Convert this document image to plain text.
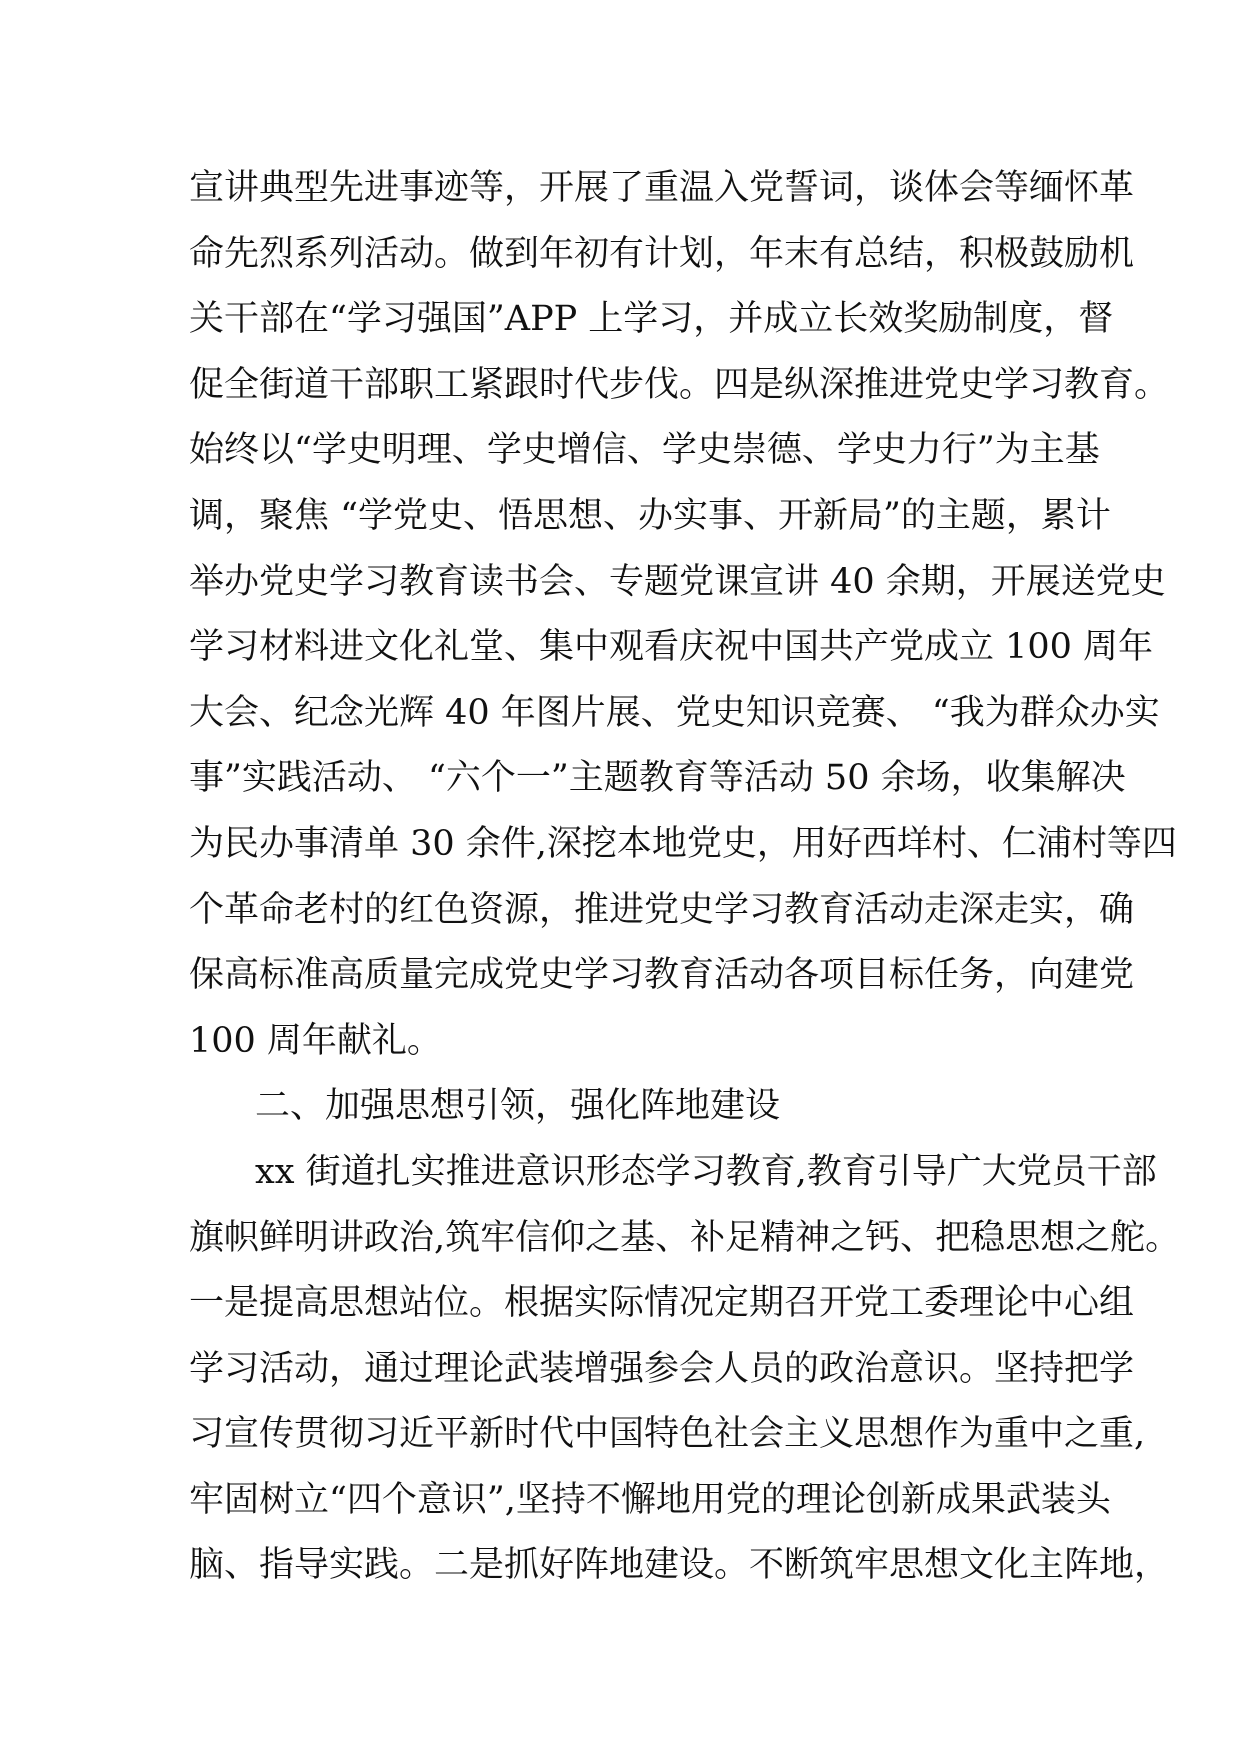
宣讲典型先进事迹等，开展了重温入党誓词，谈体会等缅怀革
命先烈系列活动。做到年初有计划，年末有总结，积极鼓励机
关干部在“学习强国”APP 上学习，并成立长效奖励制度，督
促全街道干部职工紧跟时代步伐。四是纵深推进党史学习教育。
始终以“学史明理、学史增信、学史崇德、学史力行”为主基
调，聚焦 “学党史、悟思想、办实事、开新局”的主题，累计
举办党史学习教育读书会、专题党课宣讲 40 余期，开展送党史
学习材料进文化礼堂、集中观看庆祝中国共产党成立 100 周年
大会、纪念光辉 40 年图片展、党史知识竞赛、 “我为群众办实
事”实践活动、 “六个一”主题教育等活动 50 余场，收集解决
为民办事清单 30 余件,深挖本地党史，用好西垟村、仁浦村等四
个革命老村的红色资源，推进党史学习教育活动走深走实，确
保高标准高质量完成党史学习教育活动各项目标任务，向建党
100 周年献礼。
二、加强思想引领，强化阵地建设
xx 街道扎实推进意识形态学习教育,教育引导广大党员干部
旗帜鲜明讲政治,筑牢信仰之基、补足精神之钙、把稳思想之舵。
一是提高思想站位。根据实际情况定期召开党工委理论中心组
学习活动，通过理论武装增强参会人员的政治意识。坚持把学
习宣传贯彻习近平新时代中国特色社会主义思想作为重中之重,
牢固树立“四个意识”,坚持不懈地用党的理论创新成果武装头
脑、指导实践。二是抓好阵地建设。不断筑牢思想文化主阵地，
